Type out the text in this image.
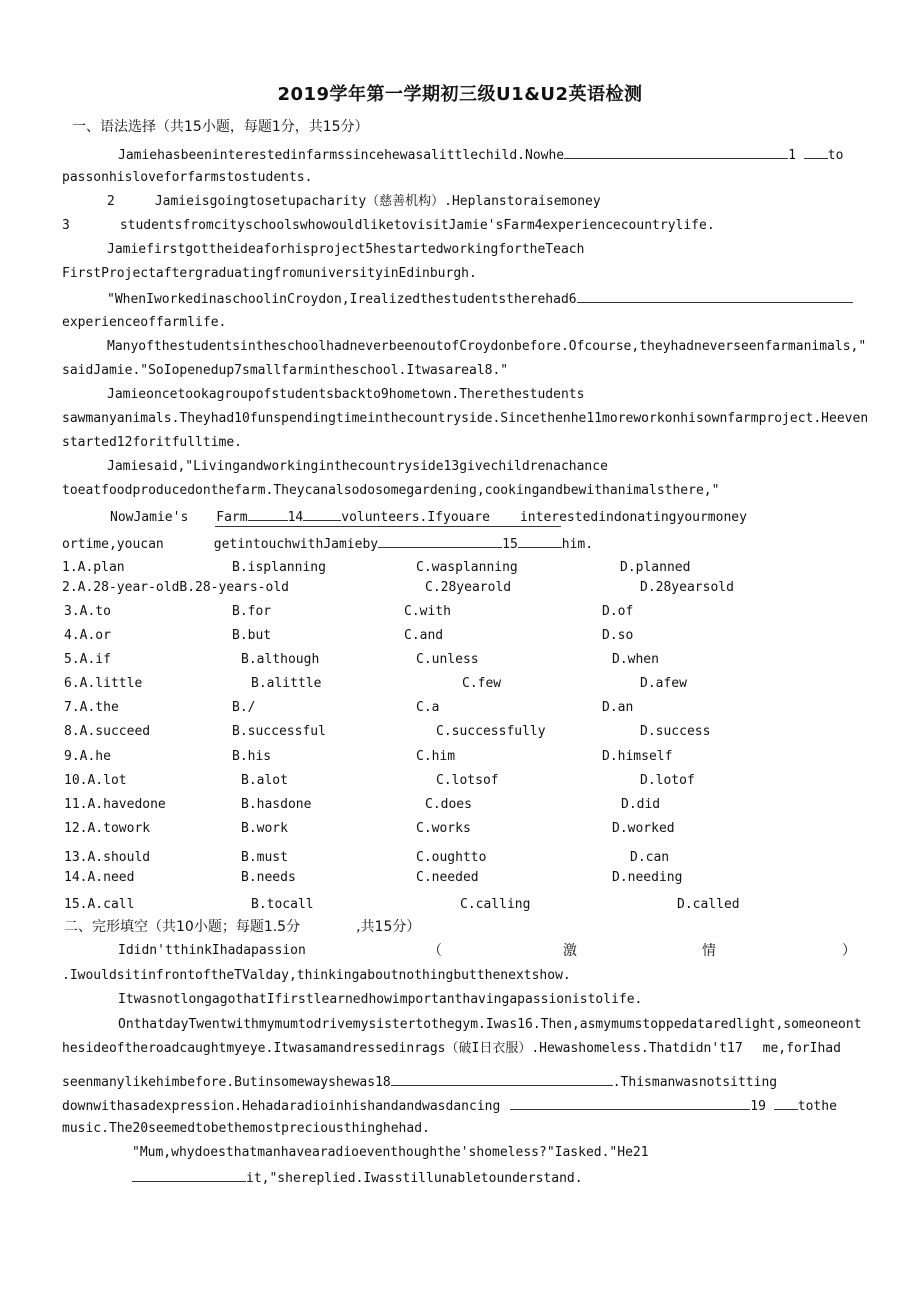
2019学年第一学期初三级U1&U2英语检测
一、语法选择（共15小题，每题1分，共15分）
Jamiehasbeeninterestedinfarmssincehewasalittlechild.Nowhe	1 to
passonhisloveforfarmstostudents.
2	Jamieisgoingtosetupacharity（慈善机构）.Heplanstoraisemoney
3	studentsfromcityschoolswhowouldliketovisitJamie'sFarm4experiencecountrylife.
Jamiefirstgottheideaforhisproject5hestartedworkingfortheTeach
FirstProjectaftergraduatingfromuniversityinEdinburgh.
"WhenIworkedinaschoolinCroydon,Irealizedthestudentstherehad6
experienceoffarmlife.
ManyofthestudentsintheschoolhadneverbeenoutofCroydonbefore.Ofcourse,theyhadneverseenfarmanimals,"
saidJamie."SoIopenedup7smallfarmintheschool.Itwasareal8."
Jamieoncetookagroupofstudentsbackto9hometown.Therethestudents
sawmanyanimals.Theyhad10funspendingtimeinthecountryside.Sincethenhe11moreworkonhisownfarmproject.Heeven
started12foritfulltime.
Jamiesaid,"Livingandworkinginthecountryside13givechildrenachance
toeatfoodproducedonthefarm.Theycanalsodosomegardening,cookingandbewithanimalsthere,"
NowJamie's Farm	14	volunteers.Ifyouare interestedindonatingyourmoney
ortime,youcan	getintouchwithJamieby	15	him.
1.A.plan	B.isplanning	C.wasplanning	D.planned
2.A.28-year-oldB.28-years-old	C.28yearold	D.28yearsold
3.A.to	B.for	C.with	D.of
4.A.or	B.but	C.and	D.so
5.A.if	B.although	C.unless	D.when
6.A.little	B.alittle	C.few	D.afew
7.A.the	B./	C.a	D.an
8.A.succeed	B.successful	C.successfully	D.success
9.A.he	B.his	C.him	D.himself
10.A.lot	B.alot	C.lotsof	D.lotof
11.A.havedone	B.hasdone	C.does	D.did
12.A.towork	B.work	C.works	D.worked
13.A.should	B.must	C.oughtto	D.can
14.A.need	B.needs	C.needed	D.needing
15.A.call	B.tocall	C.calling	D.called
二、完形填空（共10小题；每题1.5分	,共15分）
Ididn'tthinkIhadapassion	（	激	情	）
.IwouldsitinfrontoftheTValday,thinkingaboutnothingbutthenextshow.
ItwasnotlongagothatIfirstlearnedhowimportanthavingapassionistolife.
OnthatdayTwentwithmymumtodrivemysistertothegym.Iwas16.Then,asmymumstoppedataredlight,someoneont
hesideoftheroadcaughtmyeye.Itwasamandressedinrags（破I日衣服）.Hewashomeless.Thatdidn't17 me,forIhad
seenmanylikehimbefore.Butinsomewayshewas18	.Thismanwasnotsitting
downwithasadexpression.Hehadaradioinhishandandwasdancing	19 tothe
music.The20seemedtobethemostpreciousthinghehad.
"Mum,whydoesthatmanhavearadioeventhoughthe'shomeless?"Iasked."He21
it,"shereplied.Iwasstillunabletounderstand.
